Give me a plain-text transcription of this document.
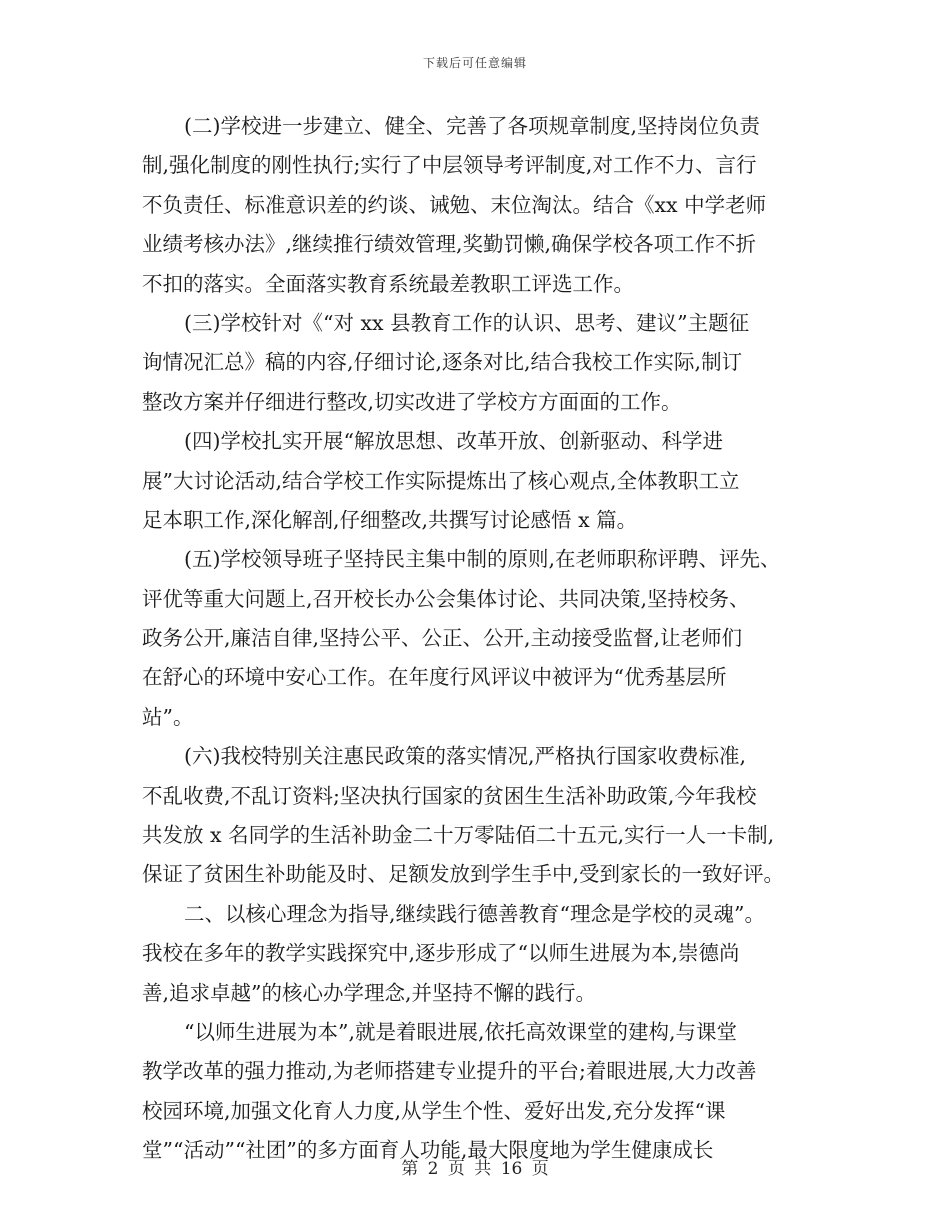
下载后可任意编辑
(二)学校进一步建立、健全、完善了各项规章制度,坚持岗位负责
制,强化制度的刚性执行;实行了中层领导考评制度,对工作不力、言行
不负责任、标准意识差的约谈、诫勉、末位淘汰。结合《xx 中学老师
业绩考核办法》,继续推行绩效管理,奖勤罚懒,确保学校各项工作不折
不扣的落实。全面落实教育系统最差教职工评选工作。
(三)学校针对《“对 xx 县教育工作的认识、思考、建议”主题征
询情况汇总》稿的内容,仔细讨论,逐条对比,结合我校工作实际,制订
整改方案并仔细进行整改,切实改进了学校方方面面的工作。
(四)学校扎实开展“解放思想、改革开放、创新驱动、科学进
展”大讨论活动,结合学校工作实际提炼出了核心观点,全体教职工立
足本职工作,深化解剖,仔细整改,共撰写讨论感悟 x 篇。
(五)学校领导班子坚持民主集中制的原则,在老师职称评聘、评先、
评优等重大问题上,召开校长办公会集体讨论、共同决策,坚持校务、
政务公开,廉洁自律,坚持公平、公正、公开,主动接受监督,让老师们
在舒心的环境中安心工作。在年度行风评议中被评为“优秀基层所
站”。
(六)我校特别关注惠民政策的落实情况,严格执行国家收费标准,
不乱收费,不乱订资料;坚决执行国家的贫困生生活补助政策,今年我校
共发放 x 名同学的生活补助金二十万零陆佰二十五元,实行一人一卡制,
保证了贫困生补助能及时、足额发放到学生手中,受到家长的一致好评。
二、以核心理念为指导,继续践行德善教育“理念是学校的灵魂”。
我校在多年的教学实践探究中,逐步形成了“以师生进展为本,崇德尚
善,追求卓越”的核心办学理念,并坚持不懈的践行。
“以师生进展为本”,就是着眼进展,依托高效课堂的建构,与课堂
教学改革的强力推动,为老师搭建专业提升的平台;着眼进展,大力改善
校园环境,加强文化育人力度,从学生个性、爱好出发,充分发挥“课
堂”“活动”“社团”的多方面育人功能,最大限度地为学生健康成长
第 2 页 共 16 页
